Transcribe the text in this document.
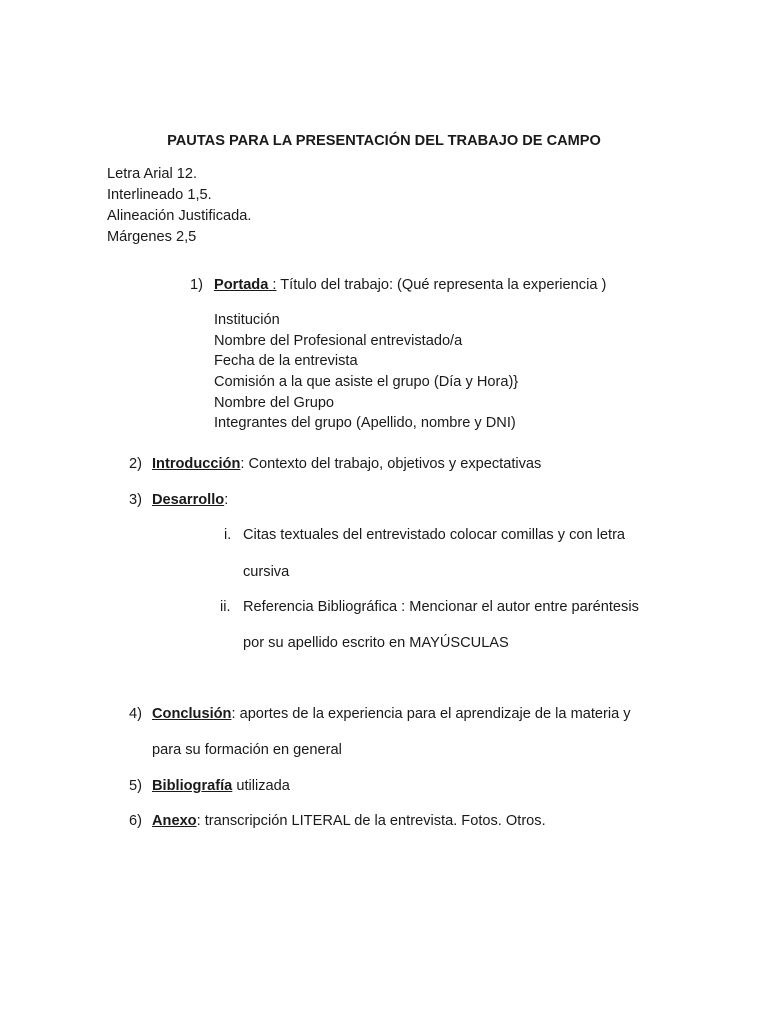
PAUTAS PARA LA PRESENTACIÓN DEL TRABAJO DE CAMPO
Letra Arial 12.
Interlineado 1,5.
Alineación Justificada.
Márgenes 2,5
1) Portada : Título del trabajo: (Qué representa la experiencia )
Institución
Nombre del Profesional entrevistado/a
Fecha de la entrevista
Comisión a la que asiste el grupo (Día y Hora)}
Nombre del Grupo
Integrantes del grupo (Apellido, nombre y DNI)
2) Introducción: Contexto del trabajo, objetivos y expectativas
3) Desarrollo:
i. Citas textuales del entrevistado colocar comillas y con letra
cursiva
ii. Referencia Bibliográfica : Mencionar el autor entre paréntesis
por su apellido escrito en MAYÚSCULAS
4) Conclusión: aportes de la experiencia para el aprendizaje de la materia y
para su formación en general
5) Bibliografía utilizada
6) Anexo: transcripción LITERAL de la entrevista. Fotos. Otros.
